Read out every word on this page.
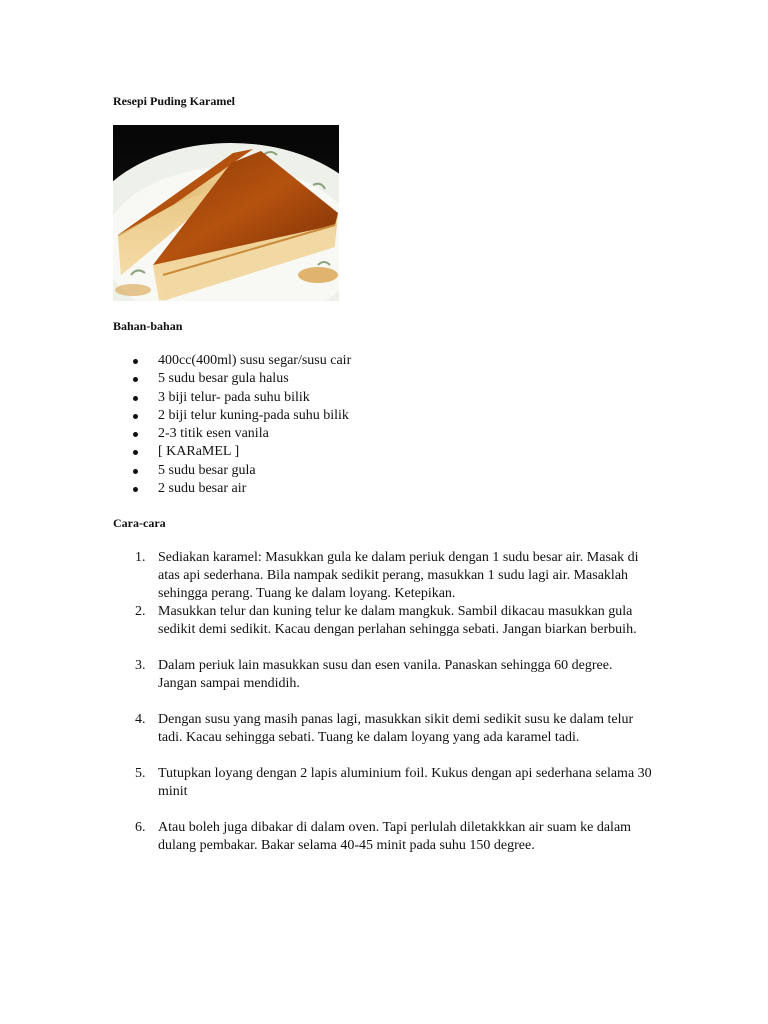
Resepi Puding Karamel
Bahan-bahan
400cc(400ml) susu segar/susu cair
5 sudu besar gula halus
3 biji telur- pada suhu bilik
2 biji telur kuning-pada suhu bilik
2-3 titik esen vanila
[ KARaMEL ]
5 sudu besar gula
2 sudu besar air
Cara-cara
1. Sediakan karamel: Masukkan gula ke dalam periuk dengan 1 sudu besar air. Masak di atas api sederhana. Bila nampak sedikit perang, masukkan 1 sudu lagi air. Masaklah sehingga perang. Tuang ke dalam loyang. Ketepikan.
2. Masukkan telur dan kuning telur ke dalam mangkuk. Sambil dikacau masukkan gula sedikit demi sedikit. Kacau dengan perlahan sehingga sebati. Jangan biarkan berbuih.
3. Dalam periuk lain masukkan susu dan esen vanila. Panaskan sehingga 60 degree. Jangan sampai mendidih.
4. Dengan susu yang masih panas lagi, masukkan sikit demi sedikit susu ke dalam telur tadi. Kacau sehingga sebati. Tuang ke dalam loyang yang ada karamel tadi.
5. Tutupkan loyang dengan 2 lapis aluminium foil. Kukus dengan api sederhana selama 30 minit
6. Atau boleh juga dibakar di dalam oven. Tapi perlulah diletakkkan air suam ke dalam dulang pembakar. Bakar selama 40-45 minit pada suhu 150 degree.
